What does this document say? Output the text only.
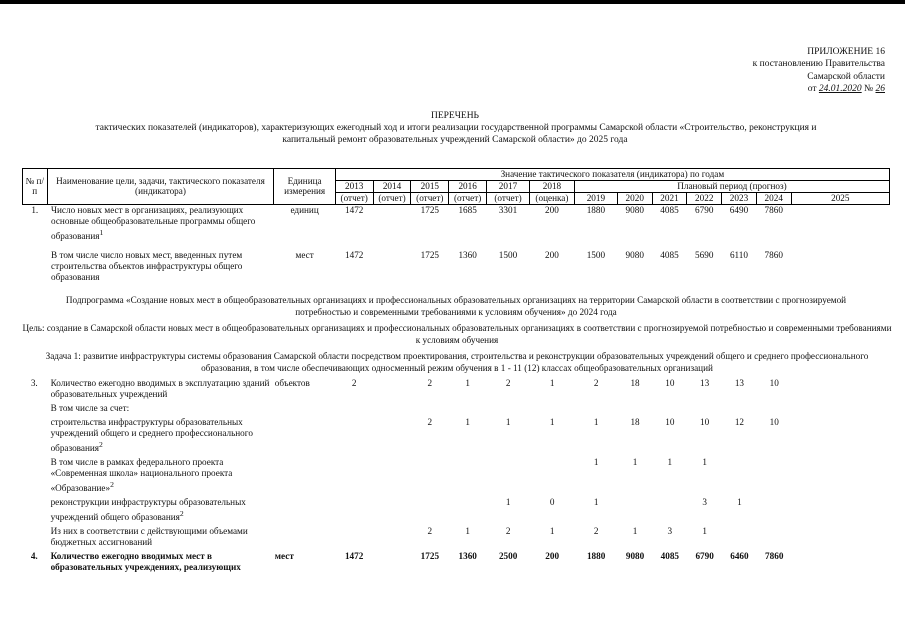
ПРИЛОЖЕНИЕ 16
к постановлению Правительства
Самарской области
от 24.01.2020 № 26
ПЕРЕЧЕНЬ
тактических показателей (индикаторов), характеризующих ежегодный ход и итоги реализации государственной программы Самарской области «Строительство, реконструкция и
капитальный ремонт образовательных учреждений Самарской области» до 2025 года
№ п/п	Наименование цели, задачи, тактического показателя (индикатора)	Единица измерения	Значение тактического показателя (индикатора) по годам												
			2013	2014	2015	2016	2017	2018	Плановый период (прогноз)						
			(отчет)	(отчет)	(отчет)	(отчет)	(отчет)	(оценка)	2019	2020	2021	2022	2023	2024	2025
1.	Число новых мест в организациях, реализующих основные общеобразовательные программы общего образования$^1$	единиц	1472		1725	1685	3301	200	1880	9080	4085	6790	6490	7860	
	В том числе число новых мест, введенных путем строительства объектов инфраструктуры общего образования	мест	1472		1725	1360	1500	200	1500	9080	4085	5690	6110	7860	
Подпрограмма «Создание новых мест в общеобразовательных организациях и профессиональных образовательных организациях на территории Самарской области в соответствии с прогнозируемой потребностью и современными требованиями к условиям обучения» до 2024 года
Цель: создание в Самарской области новых мест в общеобразовательных организациях и профессиональных образовательных организациях в соответствии с прогнозируемой потребностью и современными требованиями к условиям обучения
Задача 1: развитие инфраструктуры системы образования Самарской области посредством проектирования, строительства и реконструкции образовательных учреждений общего и среднего профессионального образования, в том числе обеспечивающих односменный режим обучения в 1 - 11 (12) классах общеобразовательных организаций
3.	Количество ежегодно вводимых в эксплуатацию зданий образовательных учреждений	объектов	2		2	1	2	1	2	18	10	13	13	10	
	В том числе за счет:														
	строительства инфраструктуры образовательных учреждений общего и среднего профессионального образования$^2$				2	1	1	1	1	18	10	10	12	10	
	В том числе в рамках федерального проекта «Современная школа» национального проекта «Образование»$^2$								1	1	1	1			
	реконструкции инфраструктуры образовательных учреждений общего образования$^2$						1	0	1			3	1		
	Из них в соответствии с действующими объемами бюджетных ассигнований				2	1	2	1	2	1	3	1			
4.	Количество ежегодно вводимых мест в образовательных учреждениях, реализующих	мест	1472		1725	1360	2500	200	1880	9080	4085	6790	6460	7860	
